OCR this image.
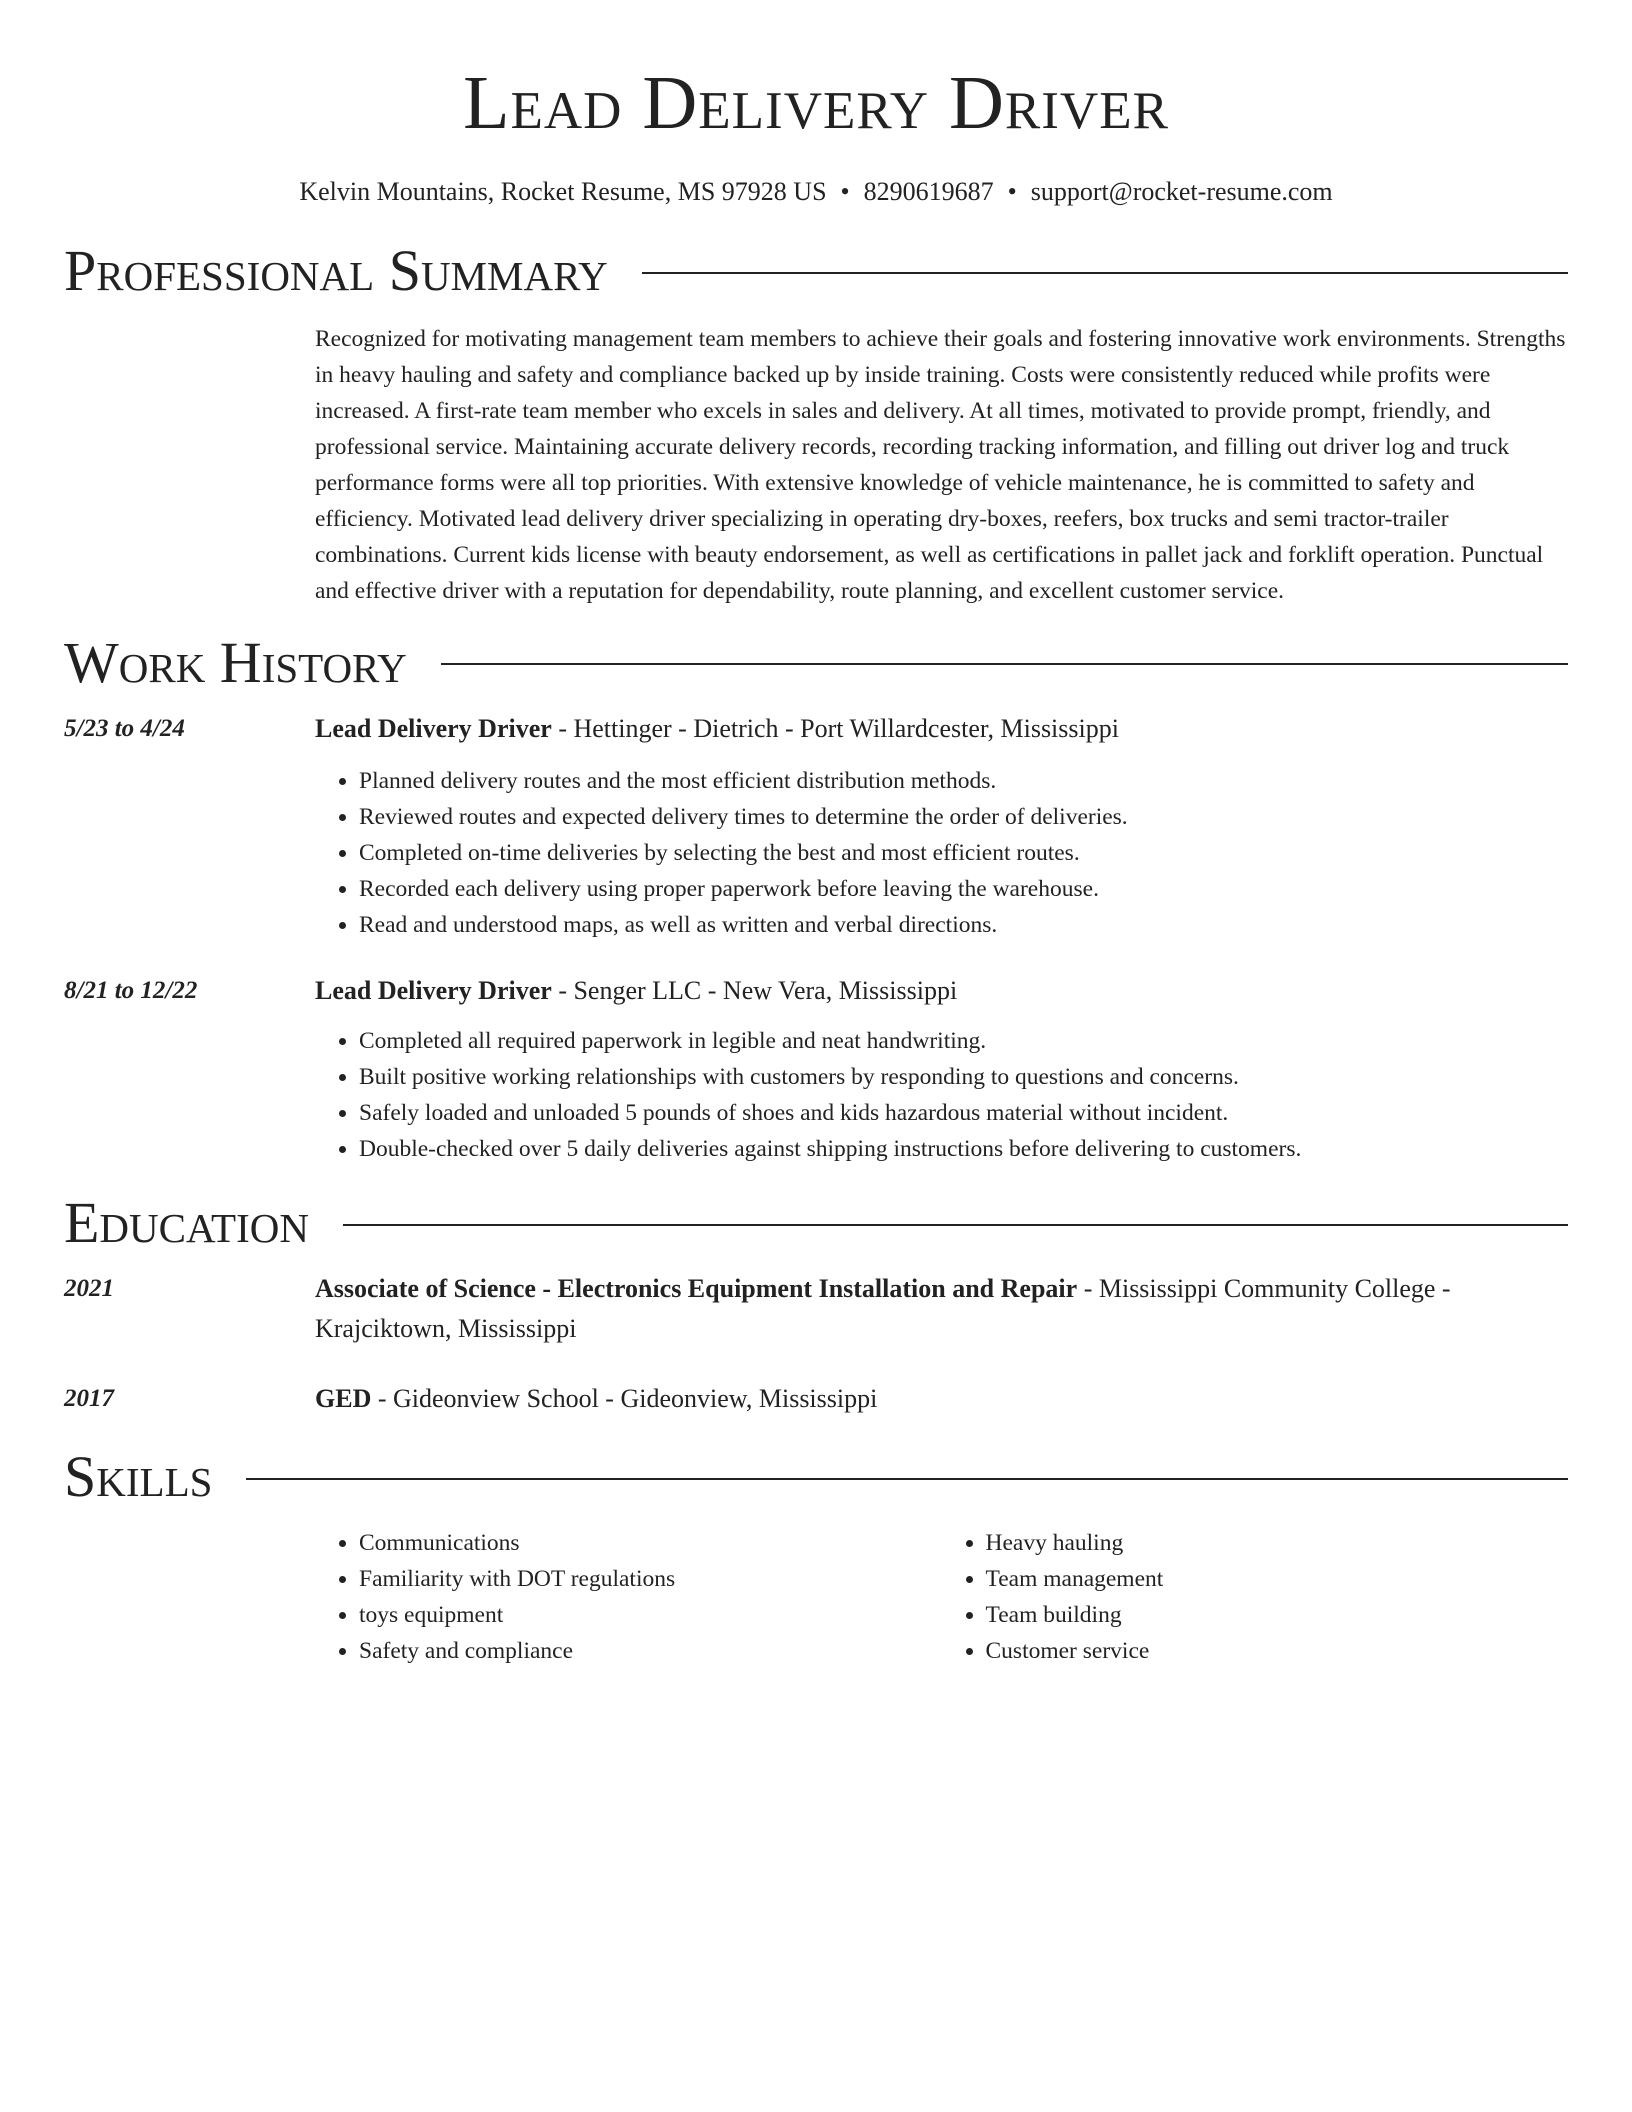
Lead Delivery Driver
Kelvin Mountains, Rocket Resume, MS 97928 US • 8290619687 • support@rocket-resume.com
Professional Summary
Recognized for motivating management team members to achieve their goals and fostering innovative work environments. Strengths in heavy hauling and safety and compliance backed up by inside training. Costs were consistently reduced while profits were increased. A first-rate team member who excels in sales and delivery. At all times, motivated to provide prompt, friendly, and professional service. Maintaining accurate delivery records, recording tracking information, and filling out driver log and truck performance forms were all top priorities. With extensive knowledge of vehicle maintenance, he is committed to safety and efficiency. Motivated lead delivery driver specializing in operating dry-boxes, reefers, box trucks and semi tractor-trailer combinations. Current kids license with beauty endorsement, as well as certifications in pallet jack and forklift operation. Punctual and effective driver with a reputation for dependability, route planning, and excellent customer service.
Work History
5/23 to 4/24	Lead Delivery Driver - Hettinger - Dietrich - Port Willardcester, Mississippi
• Planned delivery routes and the most efficient distribution methods.
• Reviewed routes and expected delivery times to determine the order of deliveries.
• Completed on-time deliveries by selecting the best and most efficient routes.
• Recorded each delivery using proper paperwork before leaving the warehouse.
• Read and understood maps, as well as written and verbal directions.
8/21 to 12/22	Lead Delivery Driver - Senger LLC - New Vera, Mississippi
• Completed all required paperwork in legible and neat handwriting.
• Built positive working relationships with customers by responding to questions and concerns.
• Safely loaded and unloaded 5 pounds of shoes and kids hazardous material without incident.
• Double-checked over 5 daily deliveries against shipping instructions before delivering to customers.
Education
2021	Associate of Science - Electronics Equipment Installation and Repair - Mississippi Community College - Krajciktown, Mississippi
2017	GED - Gideonview School - Gideonview, Mississippi
Skills
• Communications
• Familiarity with DOT regulations
• toys equipment
• Safety and compliance
• Heavy hauling
• Team management
• Team building
• Customer service
